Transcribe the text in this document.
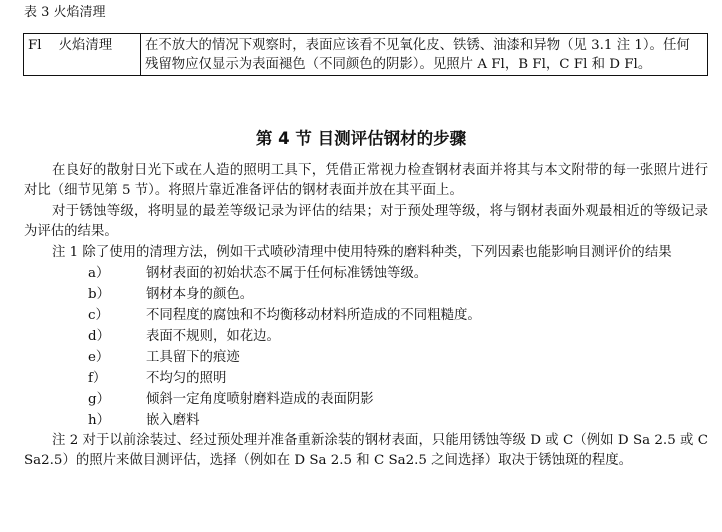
表 3 火焰清理
Fl    火焰清理	在不放大的情况下观察时，表面应该看不见氧化皮、铁锈、油漆和异物（见 3.1 注 1）。任何残留物应仅显示为表面褪色（不同颜色的阴影）。见照片 A Fl，B Fl，C Fl 和 D Fl。
第 4 节 目测评估钢材的步骤

在良好的散射日光下或在人造的照明工具下，凭借正常视力检查钢材表面并将其与本文附带的每一张照片进行对比（细节见第 5 节）。将照片靠近准备评估的钢材表面并放在其平面上。

对于锈蚀等级，将明显的最差等级记录为评估的结果；对于预处理等级，将与钢材表面外观最相近的等级记录为评估的结果。

注 1 除了使用的清理方法，例如干式喷砂清理中使用特殊的磨料种类，下列因素也能影响目测评价的结果

a）	钢材表面的初始状态不属于任何标准锈蚀等级。
b）	钢材本身的颜色。
c）	不同程度的腐蚀和不均衡移动材料所造成的不同粗糙度。
d）	表面不规则，如花边。
e）	工具留下的痕迹
f）	不均匀的照明
g）	倾斜一定角度喷射磨料造成的表面阴影
h）	嵌入磨料

注 2 对于以前涂装过、经过预处理并准备重新涂装的钢材表面，只能用锈蚀等级 D 或 C（例如 D Sa 2.5 或 C Sa2.5）的照片来做目测评估，选择（例如在 D Sa 2.5 和 C Sa2.5 之间选择）取决于锈蚀斑的程度。
